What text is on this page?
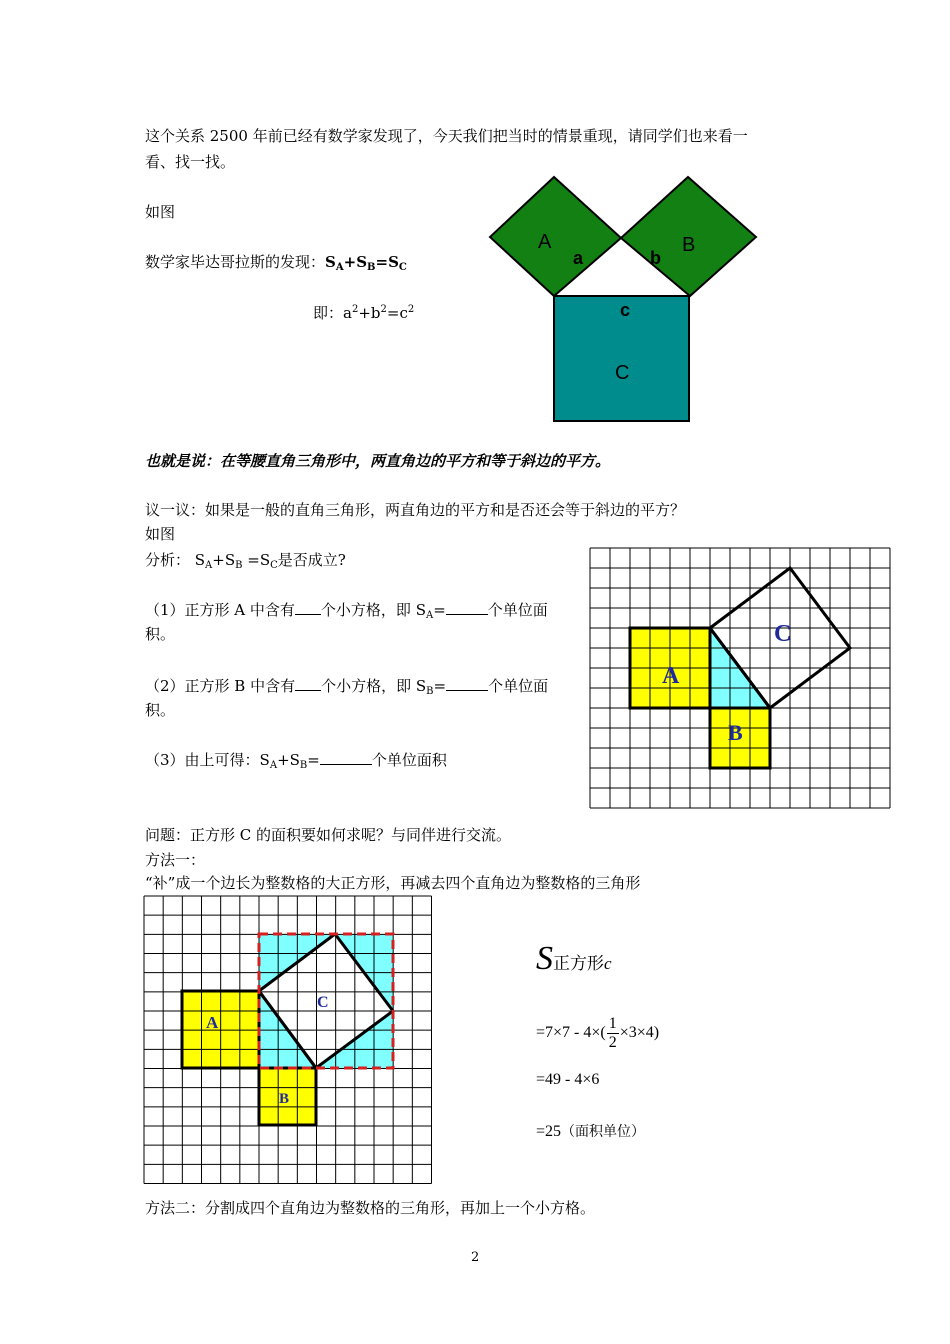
这个关系 2500 年前已经有数学家发现了，今天我们把当时的情景重现，请同学们也来看一
看、找一找。
如图
数学家毕达哥拉斯的发现：$S_A+S_B=S_C$
即：$a^2+b^2=c^2$
A
a	b
B
c
C
也就是说：在等腰直角三角形中，两直角边的平方和等于斜边的平方。
议一议：如果是一般的直角三角形，两直角边的平方和是否还会等于斜边的平方？
如图
分析： $S_A+S_B =S_C$是否成立?
（1）正方形 A 中含有 个小方格，即 $S_A=$	个单位面
积。
（2）正方形 B 中含有 个小方格，即 $S_B=$	个单位面
积。
（3）由上可得：$S_A+S_B=$	个单位面积
A
B
C
问题：正方形 C 的面积要如何求呢？与同伴进行交流。
方法一：
“补”成一个边长为整数格的大正方形，再减去四个直角边为整数格的三角形
A
B
C
S正方形c
$=7\times 7 - 4\times( \frac{1}{2} \times 3\times 4)$
=49 - 4×6
=25（面积单位）
方法二：分割成四个直角边为整数格的三角形，再加上一个小方格。
2
